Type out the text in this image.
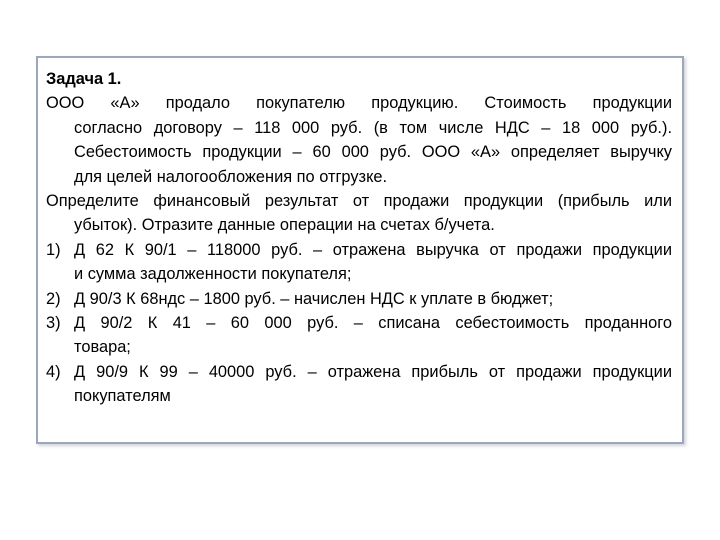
Задача 1.
ООО «А» продало покупателю продукцию. Стоимость продукции
согласно договору – 118 000 руб. (в том числе НДС – 18 000 руб.).
Себестоимость продукции – 60 000 руб. ООО «А» определяет выручку
для целей налогообложения по отгрузке.
Определите финансовый результат от продажи продукции (прибыль или
убыток). Отразите данные операции на счетах б/учета.
1) Д 62 К 90/1 – 118000 руб. – отражена выручка от продажи продукции
и сумма задолженности покупателя;
2) Д 90/3 К 68ндс – 1800 руб. – начислен НДС к уплате в бюджет;
3) Д 90/2 К 41 – 60 000 руб. – списана себестоимость проданного
товара;
4) Д 90/9 К 99 – 40000 руб. – отражена прибыль от продажи продукции
покупателям
